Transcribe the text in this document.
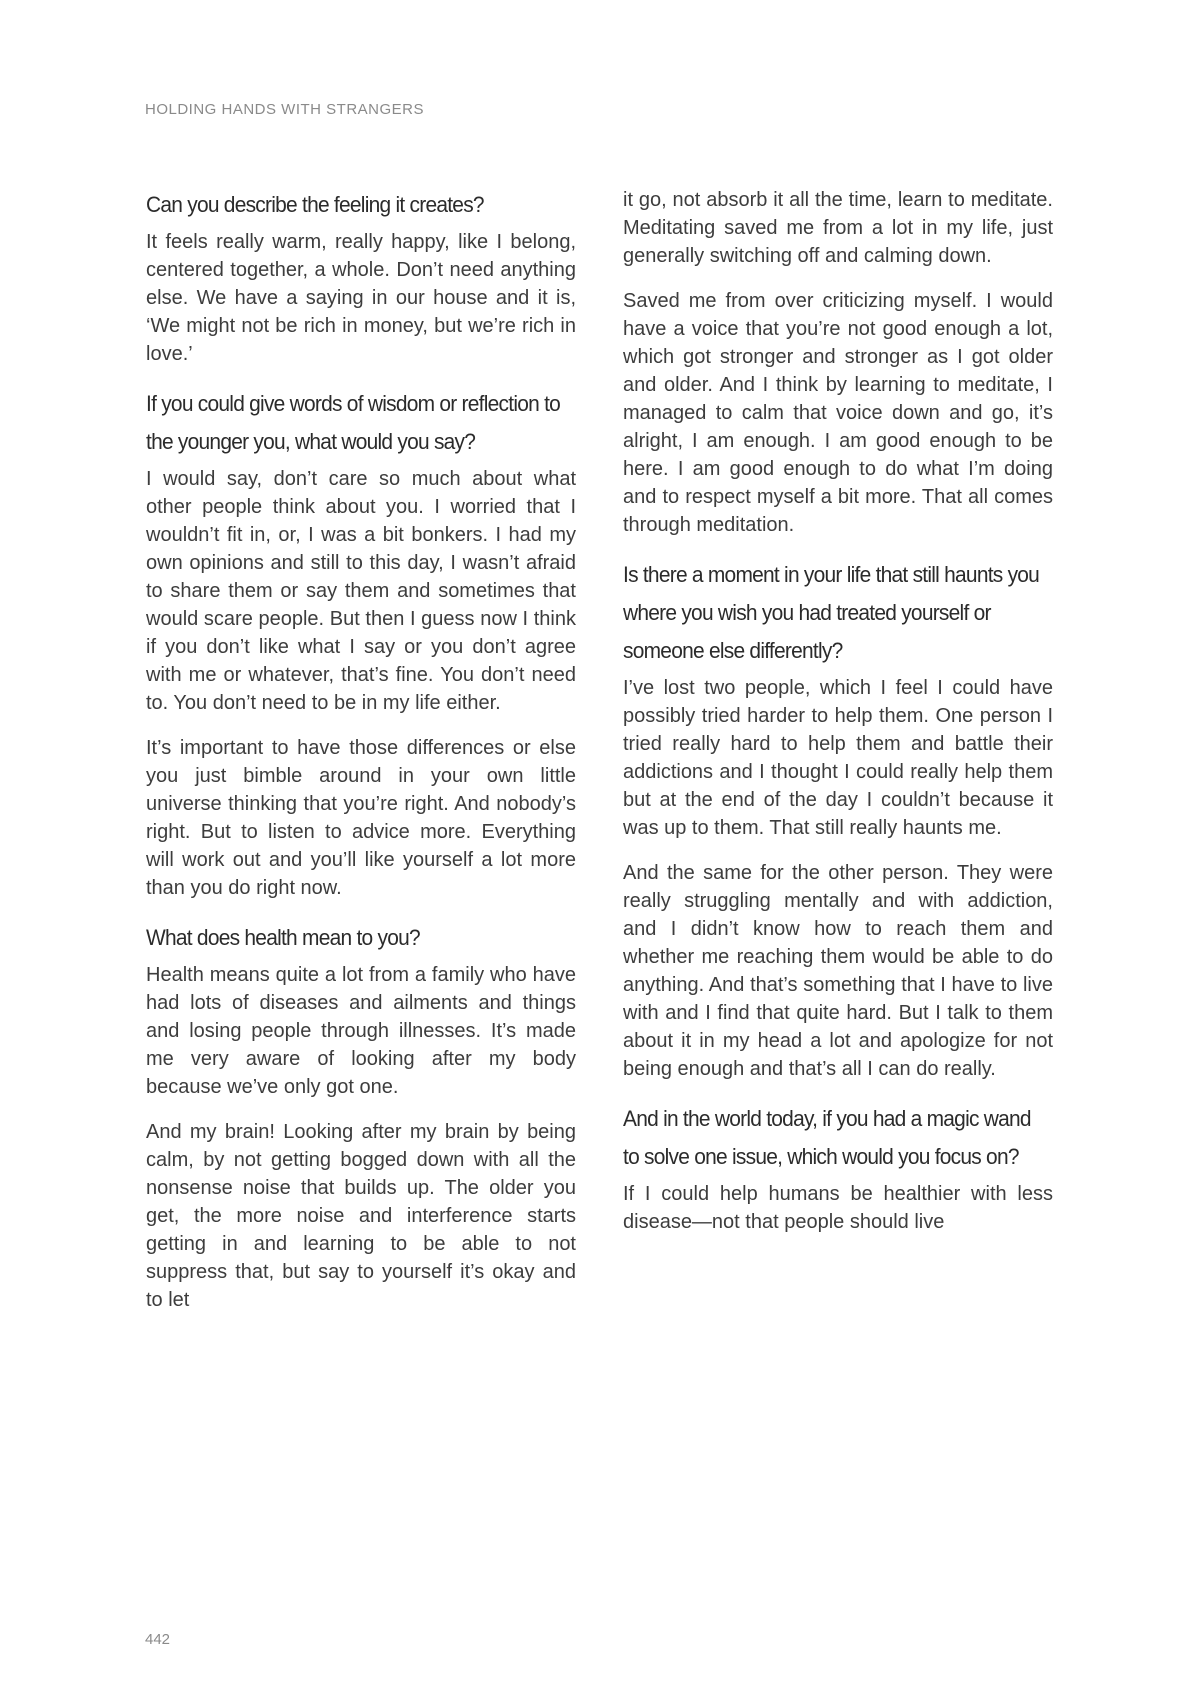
HOLDING HANDS WITH STRANGERS
Can you describe the feeling it creates?

It feels really warm, really happy, like I belong, centered together, a whole. Don’t need anything else. We have a saying in our house and it is, ‘We might not be rich in money, but we’re rich in love.’

If you could give words of wisdom or reflection to the younger you, what would you say?

I would say, don’t care so much about what other people think about you. I worried that I wouldn’t fit in, or, I was a bit bonkers. I had my own opinions and still to this day, I wasn’t afraid to share them or say them and sometimes that would scare people. But then I guess now I think if you don’t like what I say or you don’t agree with me or whatever, that’s fine. You don’t need to. You don’t need to be in my life either.

It’s important to have those differences or else you just bimble around in your own little universe thinking that you’re right. And nobody’s right. But to listen to advice more. Everything will work out and you’ll like yourself a lot more than you do right now.

What does health mean to you?

Health means quite a lot from a family who have had lots of diseases and ailments and things and losing people through illnesses. It’s made me very aware of looking after my body because we’ve only got one.

And my brain! Looking after my brain by being calm, by not getting bogged down with all the nonsense noise that builds up. The older you get, the more noise and interference starts getting in and learning to be able to not suppress that, but say to yourself it’s okay and to let

it go, not absorb it all the time, learn to meditate. Meditating saved me from a lot in my life, just generally switching off and calming down.

Saved me from over criticizing myself. I would have a voice that you’re not good enough a lot, which got stronger and stronger as I got older and older. And I think by learning to meditate, I managed to calm that voice down and go, it’s alright, I am enough. I am good enough to be here. I am good enough to do what I’m doing and to respect myself a bit more. That all comes through meditation.

Is there a moment in your life that still haunts you where you wish you had treated yourself or someone else differently?

I’ve lost two people, which I feel I could have possibly tried harder to help them. One person I tried really hard to help them and battle their addictions and I thought I could really help them but at the end of the day I couldn’t because it was up to them. That still really haunts me.

And the same for the other person. They were really struggling mentally and with addiction, and I didn’t know how to reach them and whether me reaching them would be able to do anything. And that’s something that I have to live with and I find that quite hard. But I talk to them about it in my head a lot and apologize for not being enough and that’s all I can do really.

And in the world today, if you had a magic wand to solve one issue, which would you focus on?

If I could help humans be healthier with less disease—not that people should live

442
